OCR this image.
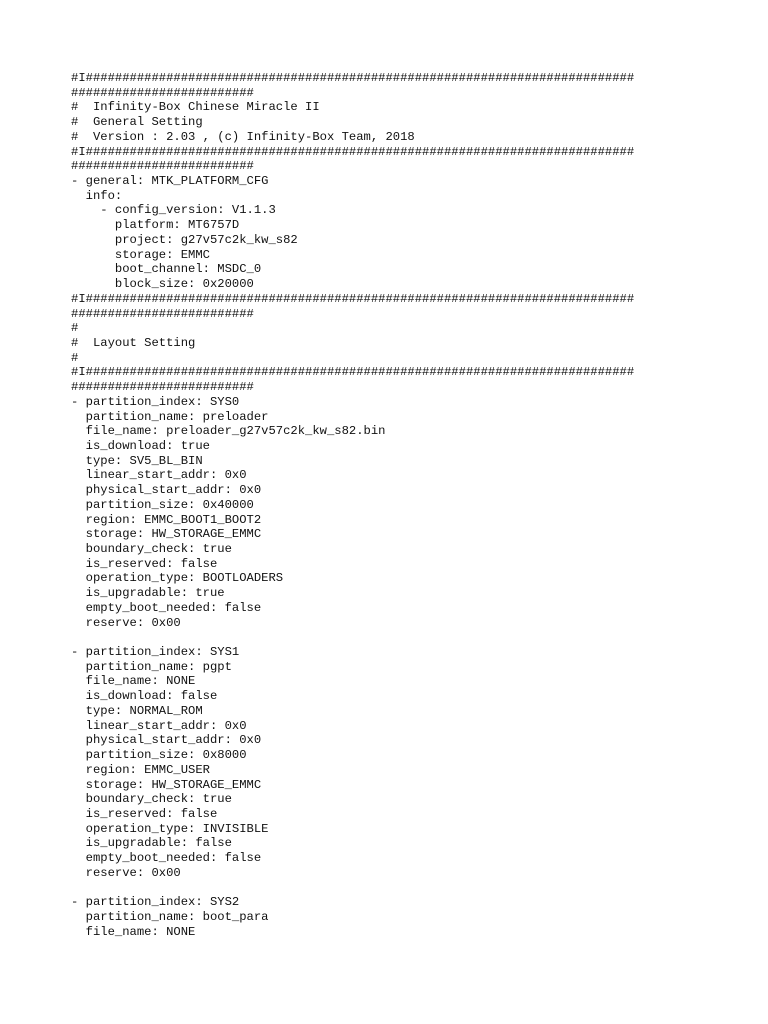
#I###########################################################################
#########################
#  Infinity-Box Chinese Miracle II
#  General Setting
#  Version : 2.03 , (c) Infinity-Box Team, 2018
#I###########################################################################
#########################
- general: MTK_PLATFORM_CFG
info:
- config_version: V1.1.3
platform: MT6757D
project: g27v57c2k_kw_s82
storage: EMMC
boot_channel: MSDC_0
block_size: 0x20000
#I###########################################################################
#########################
#
#  Layout Setting
#
#I###########################################################################
#########################
- partition_index: SYS0
partition_name: preloader
file_name: preloader_g27v57c2k_kw_s82.bin
is_download: true
type: SV5_BL_BIN
linear_start_addr: 0x0
physical_start_addr: 0x0
partition_size: 0x40000
region: EMMC_BOOT1_BOOT2
storage: HW_STORAGE_EMMC
boundary_check: true
is_reserved: false
operation_type: BOOTLOADERS
is_upgradable: true
empty_boot_needed: false
reserve: 0x00
- partition_index: SYS1
partition_name: pgpt
file_name: NONE
is_download: false
type: NORMAL_ROM
linear_start_addr: 0x0
physical_start_addr: 0x0
partition_size: 0x8000
region: EMMC_USER
storage: HW_STORAGE_EMMC
boundary_check: true
is_reserved: false
operation_type: INVISIBLE
is_upgradable: false
empty_boot_needed: false
reserve: 0x00
- partition_index: SYS2
partition_name: boot_para
file_name: NONE
